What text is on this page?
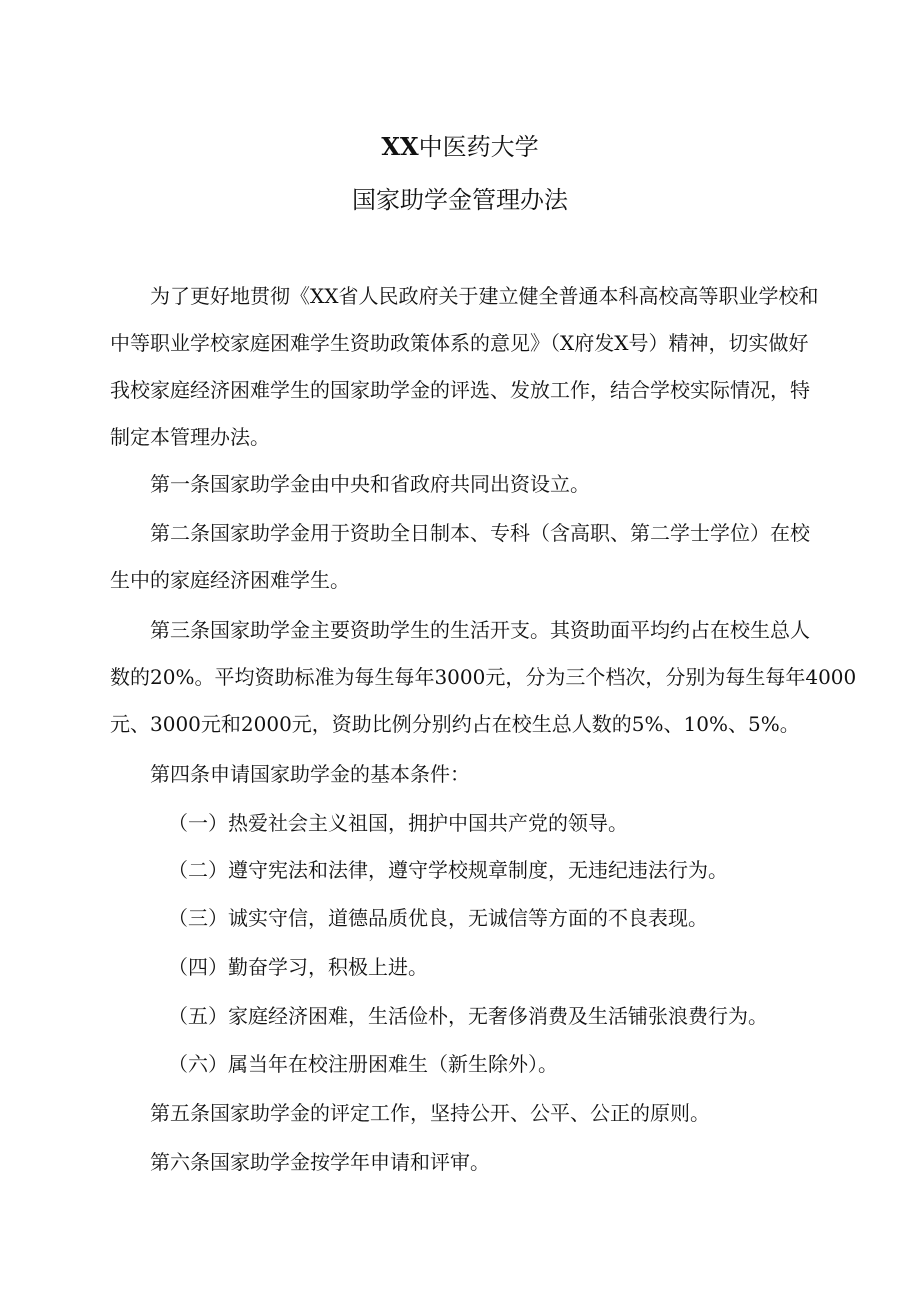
XX中医药大学
国家助学金管理办法
为了更好地贯彻《XX省人民政府关于建立健全普通本科高校高等职业学校和
中等职业学校家庭困难学生资助政策体系的意见》（X府发X号）精神，切实做好
我校家庭经济困难学生的国家助学金的评选、发放工作，结合学校实际情况，特
制定本管理办法。
第一条国家助学金由中央和省政府共同出资设立。
第二条国家助学金用于资助全日制本、专科（含高职、第二学士学位）在校
生中的家庭经济困难学生。
第三条国家助学金主要资助学生的生活开支。其资助面平均约占在校生总人
数的20%。平均资助标准为每生每年3000元，分为三个档次，分别为每生每年4000
元、3000元和2000元，资助比例分别约占在校生总人数的5%、10%、5%。
第四条申请国家助学金的基本条件：
（一）热爱社会主义祖国，拥护中国共产党的领导。
（二）遵守宪法和法律，遵守学校规章制度，无违纪违法行为。
（三）诚实守信，道德品质优良，无诚信等方面的不良表现。
（四）勤奋学习，积极上进。
（五）家庭经济困难，生活俭朴，无奢侈消费及生活铺张浪费行为。
（六）属当年在校注册困难生（新生除外）。
第五条国家助学金的评定工作，坚持公开、公平、公正的原则。
第六条国家助学金按学年申请和评审。
